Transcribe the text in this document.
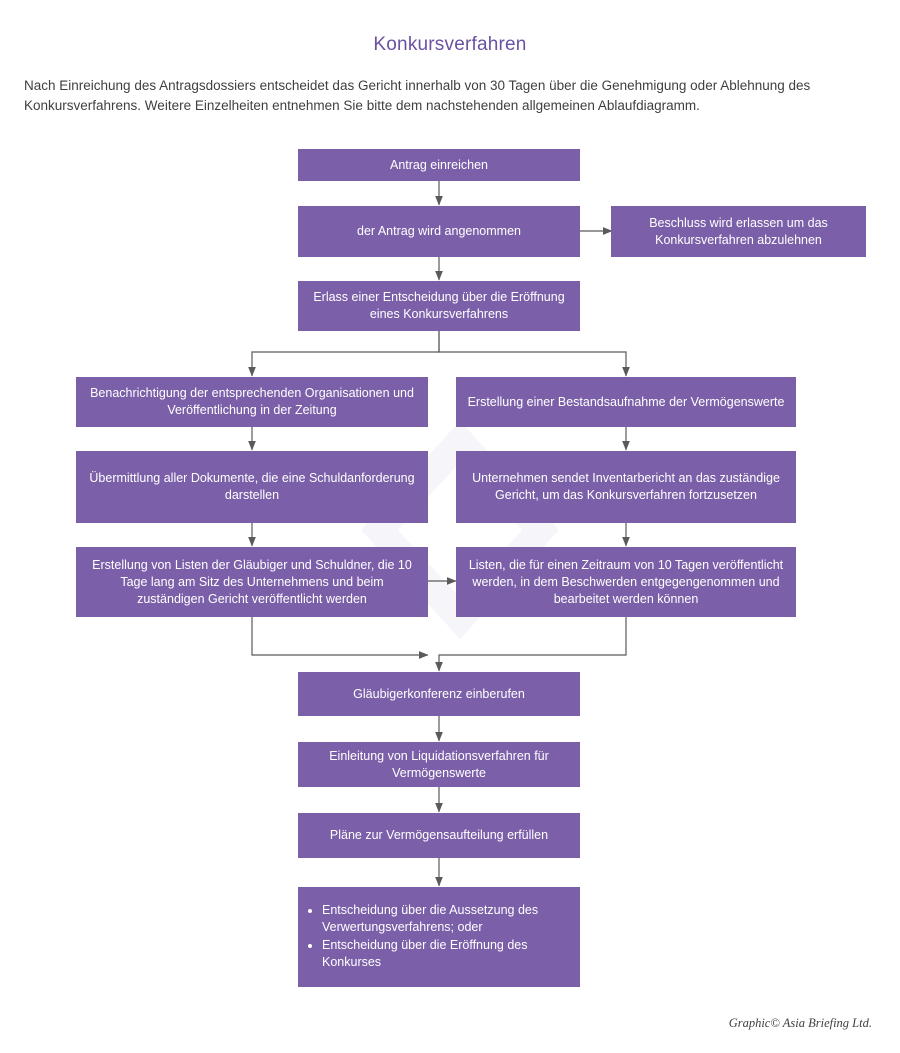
Konkursverfahren
Nach Einreichung des Antragsdossiers entscheidet das Gericht innerhalb von 30 Tagen über die Genehmigung oder Ablehnung des Konkursverfahrens. Weitere Einzelheiten entnehmen Sie bitte dem nachstehenden allgemeinen Ablaufdiagramm.
Antrag einreichen
der Antrag wird angenommen
Beschluss wird erlassen um das Konkursverfahren abzulehnen
Erlass einer Entscheidung über die Eröffnung eines Konkursverfahrens
Benachrichtigung der entsprechenden Organisationen und Veröffentlichung in der Zeitung
Erstellung einer Bestandsaufnahme der Vermögenswerte
Übermittlung aller Dokumente, die eine Schuldanforderung darstellen
Unternehmen sendet Inventarbericht an das zuständige Gericht, um das Konkursverfahren fortzusetzen
Erstellung von Listen der Gläubiger und Schuldner, die 10 Tage lang am Sitz des Unternehmens und beim zuständigen Gericht veröffentlicht werden
Listen, die für einen Zeitraum von 10 Tagen veröffentlicht werden, in dem Beschwerden entgegengenommen und bearbeitet werden können
Gläubigerkonferenz einberufen
Einleitung von Liquidationsverfahren für Vermögenswerte
Pläne zur Vermögensaufteilung erfüllen
• Entscheidung über die Aussetzung des Verwertungsverfahrens; oder
• Entscheidung über die Eröffnung des Konkurses
Graphic© Asia Briefing Ltd.
